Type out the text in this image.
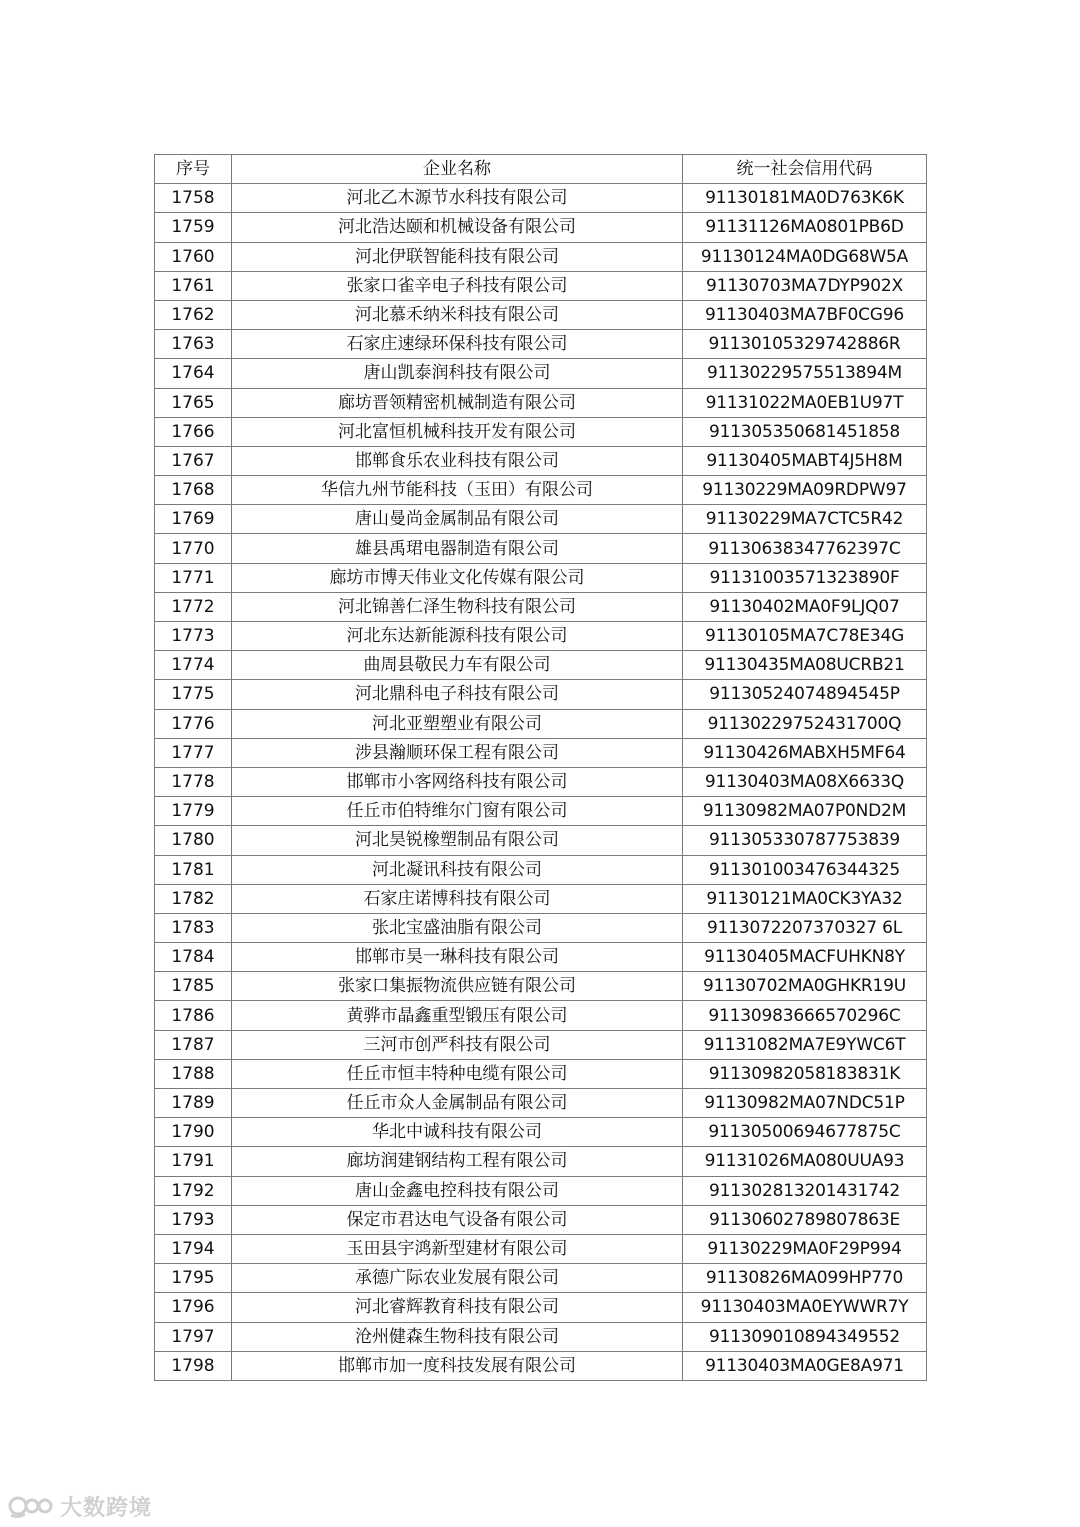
序号	企业名称	统一社会信用代码
1758	河北乙木源节水科技有限公司	91130181MA0D763K6K
1759	河北浩达颐和机械设备有限公司	91131126MA0801PB6D
1760	河北伊联智能科技有限公司	91130124MA0DG68W5A
1761	张家口雀辛电子科技有限公司	91130703MA7DYP902X
1762	河北慕禾纳米科技有限公司	91130403MA7BF0CG96
1763	石家庄速绿环保科技有限公司	91130105329742886R
1764	唐山凯泰润科技有限公司	91130229575513894M
1765	廊坊晋领精密机械制造有限公司	91131022MA0EB1U97T
1766	河北富恒机械科技开发有限公司	911305350681451858
1767	邯郸食乐农业科技有限公司	91130405MABT4J5H8M
1768	华信九州节能科技（玉田）有限公司	91130229MA09RDPW97
1769	唐山曼尚金属制品有限公司	91130229MA7CTC5R42
1770	雄县禹珺电器制造有限公司	91130638347762397C
1771	廊坊市博天伟业文化传媒有限公司	91131003571323890F
1772	河北锦善仁泽生物科技有限公司	91130402MA0F9LJQ07
1773	河北东达新能源科技有限公司	91130105MA7C78E34G
1774	曲周县敬民力车有限公司	91130435MA08UCRB21
1775	河北鼎科电子科技有限公司	91130524074894545P
1776	河北亚塑塑业有限公司	91130229752431700Q
1777	涉县瀚顺环保工程有限公司	91130426MABXH5MF64
1778	邯郸市小客网络科技有限公司	91130403MA08X6633Q
1779	任丘市伯特维尔门窗有限公司	91130982MA07P0ND2M
1780	河北昊锐橡塑制品有限公司	911305330787753839
1781	河北凝讯科技有限公司	911301003476344325
1782	石家庄诺博科技有限公司	91130121MA0CK3YA32
1783	张北宝盛油脂有限公司	9113072207370327 6L
1784	邯郸市昊一琳科技有限公司	91130405MACFUHKN8Y
1785	张家口集振物流供应链有限公司	91130702MA0GHKR19U
1786	黄骅市晶鑫重型锻压有限公司	91130983666570296C
1787	三河市创严科技有限公司	91131082MA7E9YWC6T
1788	任丘市恒丰特种电缆有限公司	91130982058183831K
1789	任丘市众人金属制品有限公司	91130982MA07NDC51P
1790	华北中诚科技有限公司	91130500694677875C
1791	廊坊润建钢结构工程有限公司	91131026MA080UUA93
1792	唐山金鑫电控科技有限公司	911302813201431742
1793	保定市君达电气设备有限公司	91130602789807863E
1794	玉田县宇鸿新型建材有限公司	91130229MA0F29P994
1795	承德广际农业发展有限公司	91130826MA099HP770
1796	河北睿辉教育科技有限公司	91130403MA0EYWWR7Y
1797	沧州健森生物科技有限公司	911309010894349552
1798	邯郸市加一度科技发展有限公司	91130403MA0GE8A971
大数跨境
